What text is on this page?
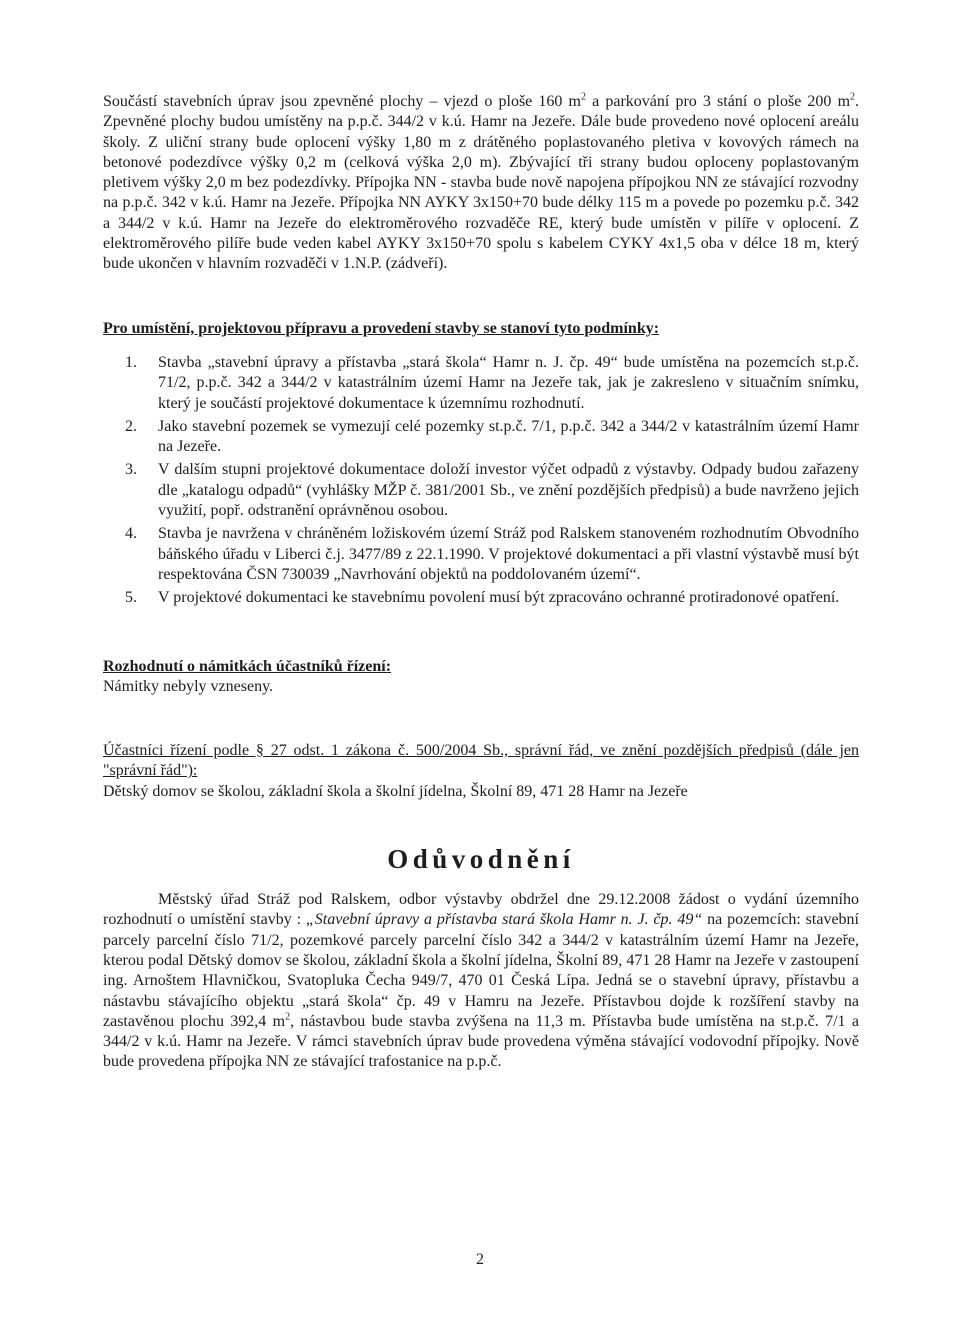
Součástí stavebních úprav jsou zpevněné plochy – vjezd o ploše 160 $m^2$ a parkování pro 3 stání o ploše 200 $m^2$. Zpevněné plochy budou umístěny na p.p.č. 344/2 v k.ú. Hamr na Jezeře. Dále bude provedeno nové oplocení areálu školy. Z uliční strany bude oplocení výšky 1,80 m z drátěného poplastovaného pletiva v kovových rámech na betonové podezdívce výšky 0,2 m (celková výška 2,0 m). Zbývající tři strany budou oploceny poplastovaným pletivem výšky 2,0 m bez podezdívky. Přípojka NN - stavba bude nově napojena přípojkou NN ze stávající rozvodny na p.p.č. 342 v k.ú. Hamr na Jezeře. Přípojka NN AYKY 3x150+70 bude délky 115 m a povede po pozemku p.č. 342 a 344/2 v k.ú. Hamr na Jezeře do elektroměrového rozvaděče RE, který bude umístěn v pilíře v oplocení. Z elektroměrového pilíře bude veden kabel AYKY 3x150+70 spolu s kabelem CYKY 4x1,5 oba v délce 18 m, který bude ukončen v hlavním rozvaděči v 1.N.P. (zádveří).

Pro umístění, projektovou přípravu a provedení stavby se stanoví tyto podmínky:

1. Stavba „stavební úpravy a přístavba „stará škola“ Hamr n. J. čp. 49“ bude umístěna na pozemcích st.p.č. 71/2, p.p.č. 342 a 344/2 v katastrálním území Hamr na Jezeře tak, jak je zakresleno v situačním snímku, který je součástí projektové dokumentace k územnímu rozhodnutí.
2. Jako stavební pozemek se vymezují celé pozemky st.p.č. 7/1, p.p.č. 342 a 344/2 v katastrálním území Hamr na Jezeře.
3. V dalším stupni projektové dokumentace doloží investor výčet odpadů z výstavby. Odpady budou zařazeny dle „katalogu odpadů“ (vyhlášky MŽP č. 381/2001 Sb., ve znění pozdějších předpisů) a bude navrženo jejich využití, popř. odstranění oprávněnou osobou.
4. Stavba je navržena v chráněném ložiskovém území Stráž pod Ralskem stanoveném rozhodnutím Obvodního báňského úřadu v Liberci č.j. 3477/89 z 22.1.1990. V projektové dokumentaci a při vlastní výstavbě musí být respektována ČSN 730039 „Navrhování objektů na poddolovaném území“.
5. V projektové dokumentaci ke stavebnímu povolení musí být zpracováno ochranné protiradonové opatření.

Rozhodnutí o námitkách účastníků řízení:

Námitky nebyly vzneseny.

Účastníci řízení podle § 27 odst. 1 zákona č. 500/2004 Sb., správní řád, ve znění pozdějších předpisů (dále jen "správní řád"):

Dětský domov se školou, základní škola a školní jídelna, Školní 89, 471 28 Hamr na Jezeře

Odůvodnění

Městský úřad Stráž pod Ralskem, odbor výstavby obdržel dne 29.12.2008 žádost o vydání územního rozhodnutí o umístění stavby : „Stavební úpravy a přístavba stará škola Hamr n. J. čp. 49“ na pozemcích: stavební parcely parcelní číslo 71/2, pozemkové parcely parcelní číslo 342 a 344/2 v katastrálním území Hamr na Jezeře, kterou podal Dětský domov se školou, základní škola a školní jídelna, Školní 89, 471 28 Hamr na Jezeře v zastoupení ing. Arnoštem Hlavničkou, Svatopluka Čecha 949/7, 470 01 Česká Lípa. Jedná se o stavební úpravy, přístavbu a nástavbu stávajícího objektu „stará škola“ čp. 49 v Hamru na Jezeře. Přístavbou dojde k rozšíření stavby na zastavěnou plochu 392,4 $m^2$, nástavbou bude stavba zvýšena na 11,3 m. Přístavba bude umístěna na st.p.č. 7/1 a 344/2 v k.ú. Hamr na Jezeře. V rámci stavebních úprav bude provedena výměna stávající vodovodní přípojky. Nově bude provedena přípojka NN ze stávající trafostanice na p.p.č.

2
